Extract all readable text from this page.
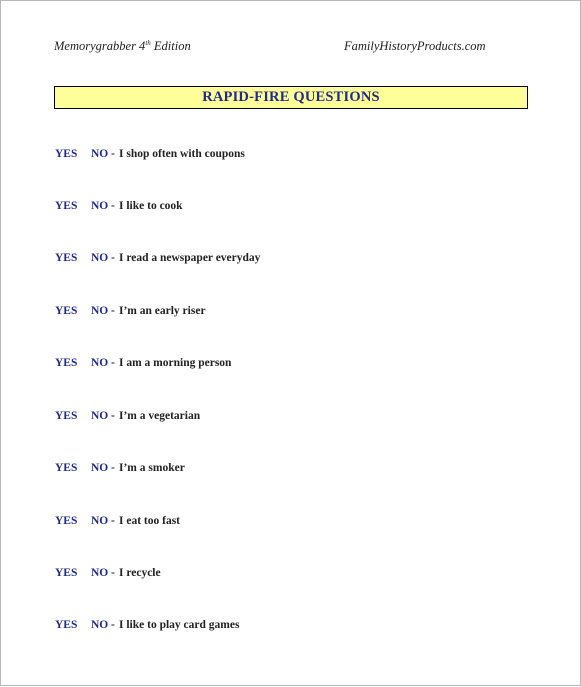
Memorygrabber 4th Edition	FamilyHistoryProducts.com
RAPID-FIRE QUESTIONS
YES NO - I shop often with coupons
YES NO - I like to cook
YES NO - I read a newspaper everyday
YES NO - I’m an early riser
YES NO - I am a morning person
YES NO - I’m a vegetarian
YES NO - I’m a smoker
YES NO - I eat too fast
YES NO - I recycle
YES NO - I like to play card games
